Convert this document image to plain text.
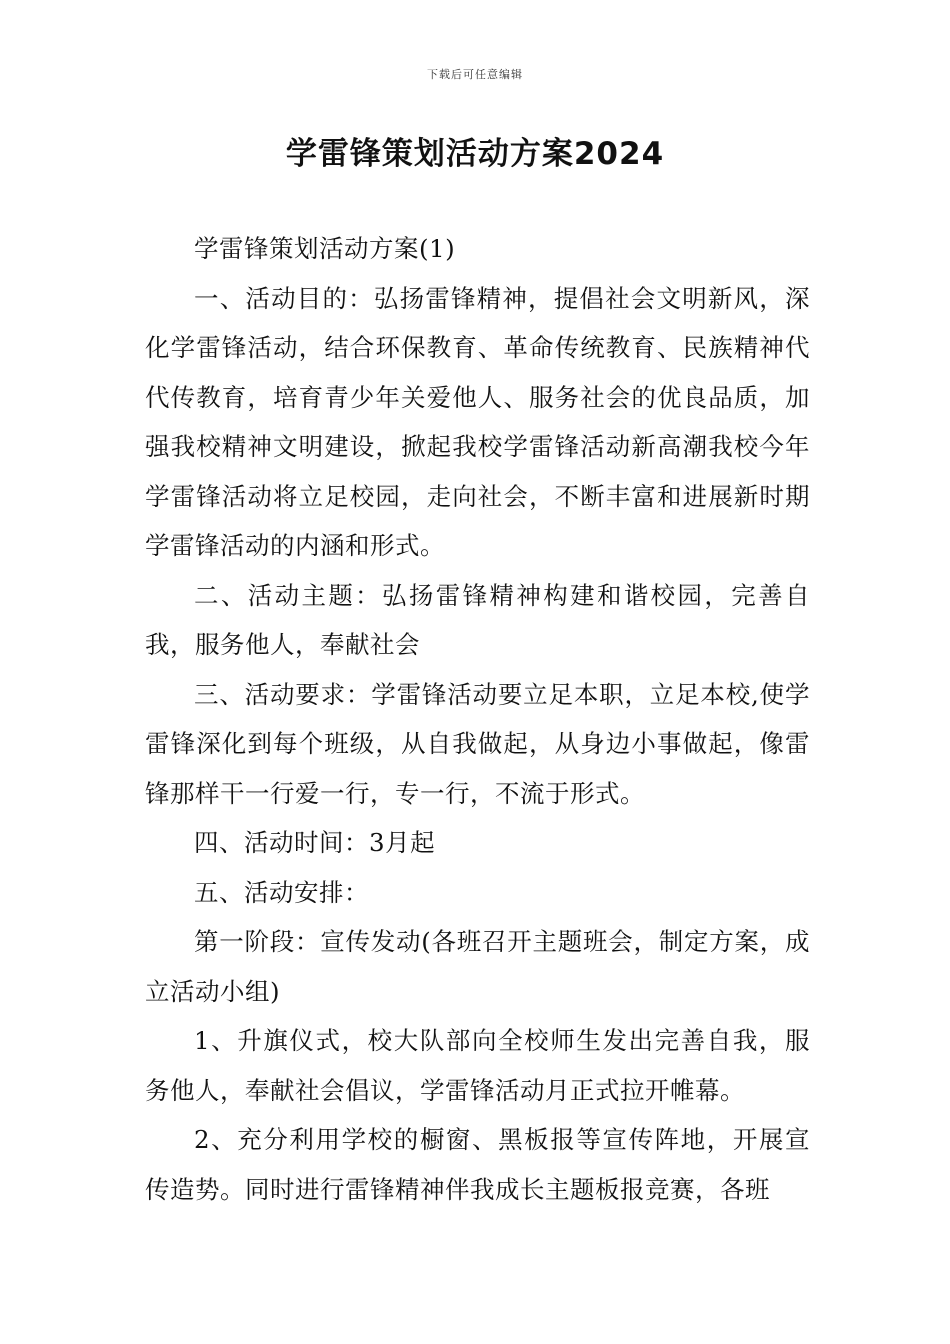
下载后可任意编辑
学雷锋策划活动方案2024

学雷锋策划活动方案(1)

一、活动目的：弘扬雷锋精神，提倡社会文明新风，深化学雷锋活动，结合环保教育、革命传统教育、民族精神代代传教育，培育青少年关爱他人、服务社会的优良品质，加强我校精神文明建设，掀起我校学雷锋活动新高潮我校今年学雷锋活动将立足校园，走向社会，不断丰富和进展新时期学雷锋活动的内涵和形式。

二、活动主题：弘扬雷锋精神构建和谐校园，完善自我，服务他人，奉献社会

三、活动要求：学雷锋活动要立足本职，立足本校,使学雷锋深化到每个班级，从自我做起，从身边小事做起，像雷锋那样干一行爱一行，专一行，不流于形式。

四、活动时间：3月起

五、活动安排：

第一阶段：宣传发动(各班召开主题班会，制定方案，成立活动小组)

1、升旗仪式，校大队部向全校师生发出完善自我，服务他人，奉献社会倡议，学雷锋活动月正式拉开帷幕。

2、充分利用学校的橱窗、黑板报等宣传阵地，开展宣传造势。同时进行雷锋精神伴我成长主题板报竞赛，各班
